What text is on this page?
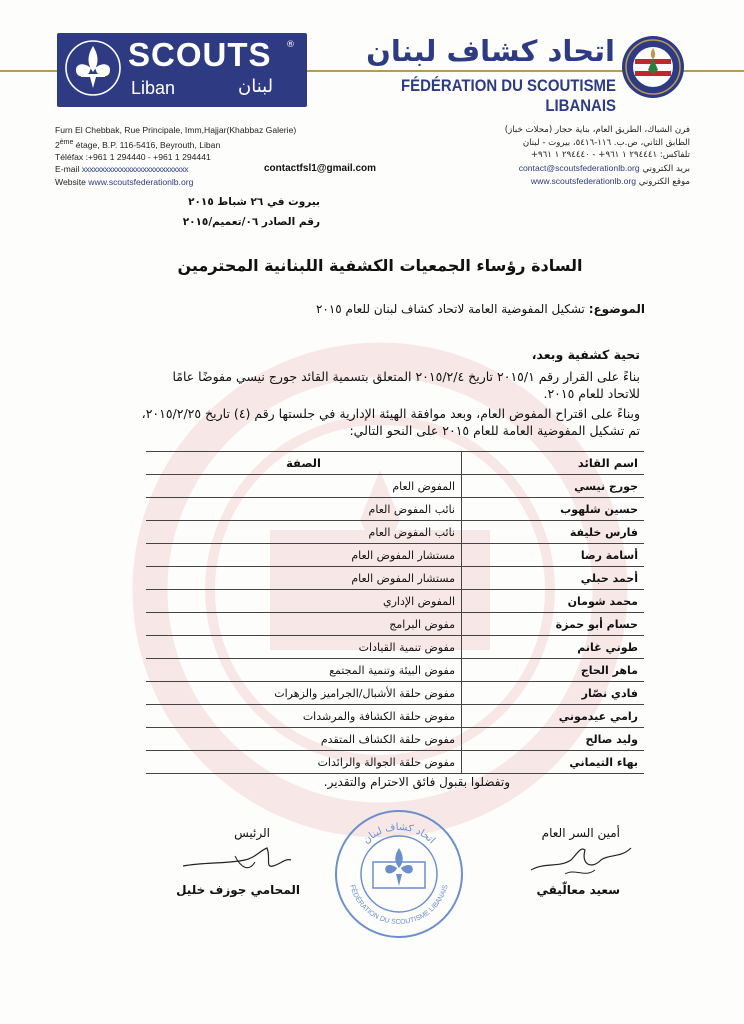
SCOUTS ®
Liban	لبنان
اتحاد كشاف لبنان
FÉDÉRATION DU SCOUTISME LIBANAIS
Furn El Chebbak, Rue Principale, Imm,Hajjar(Khabbaz Galerie)
2ème étage, B.P. 116-5416, Beyrouth, Liban
Téléfax :+961 1 294440 - +961 1 294441
E-mail xxxxxxxxxxxxxxxxxxxxxxxxxxxx
Website www.scoutsfederationlb.org
contactfsl1@gmail.com
فرن الشباك، الطريق العام، بناية حجار (محلات خباز)
الطابق الثاني، ص.ب. ١١٦-٥٤١٦، بيروت - لبنان
تلفاكس: ٢٩٤٤٤١ ١ ٩٦١+ - ٢٩٤٤٤٠ ١ ٩٦١+
بريد الكتروني contact@scoutsfederationlb.org
موقع الكتروني www.scoutsfederationlb.org
بيروت في ٢٦ شباط ٢٠١٥
رقم الصادر ٠٦/تعميم/٢٠١٥
السادة رؤساء الجمعيات الكشفية اللبنانية المحترمين
الموضوع: تشكيل المفوضية العامة لاتحاد كشاف لبنان للعام ٢٠١٥
تحية كشفية وبعد،
بناءً على القرار رقم ٢٠١٥/١ تاريخ ٢٠١٥/٢/٤ المتعلق بتسمية القائد جورج نيسي مفوضًا عامًا للاتحاد للعام ٢٠١٥.
وبناءً على اقتراح المفوض العام، وبعد موافقة الهيئة الإدارية في جلستها رقم (٤) تاريخ ٢٠١٥/٢/٢٥، تم تشكيل المفوضية العامة للعام ٢٠١٥ على النحو التالي:
اسم القائد	الصفة
جورج نيسي	المفوض العام
حسين شلهوب	نائب المفوض العام
فارس خليفة	نائب المفوض العام
أسامة رضا	مستشار المفوض العام
أحمد حبلي	مستشار المفوض العام
محمد شومان	المفوض الإداري
حسام أبو حمزة	مفوض البرامج
طوني غانم	مفوض تنمية القيادات
ماهر الحاج	مفوض البيئة وتنمية المجتمع
فادي نصّار	مفوض حلقة الأشبال/الجراميز والزهرات
رامي عيدموني	مفوض حلقة الكشافة والمرشدات
وليد صالح	مفوض حلقة الكشاف المتقدم
بهاء التيماني	مفوض حلقة الجوالة والرائدات
وتفضلوا بقبول فائق الاحترام والتقدير.
الرئيس
المحامي جوزف خليل
أمين السر العام
سعيد معالّيقي
اتحاد كشاف لبنان
FÉDÉRATION DU SCOUTISME LIBANAIS
